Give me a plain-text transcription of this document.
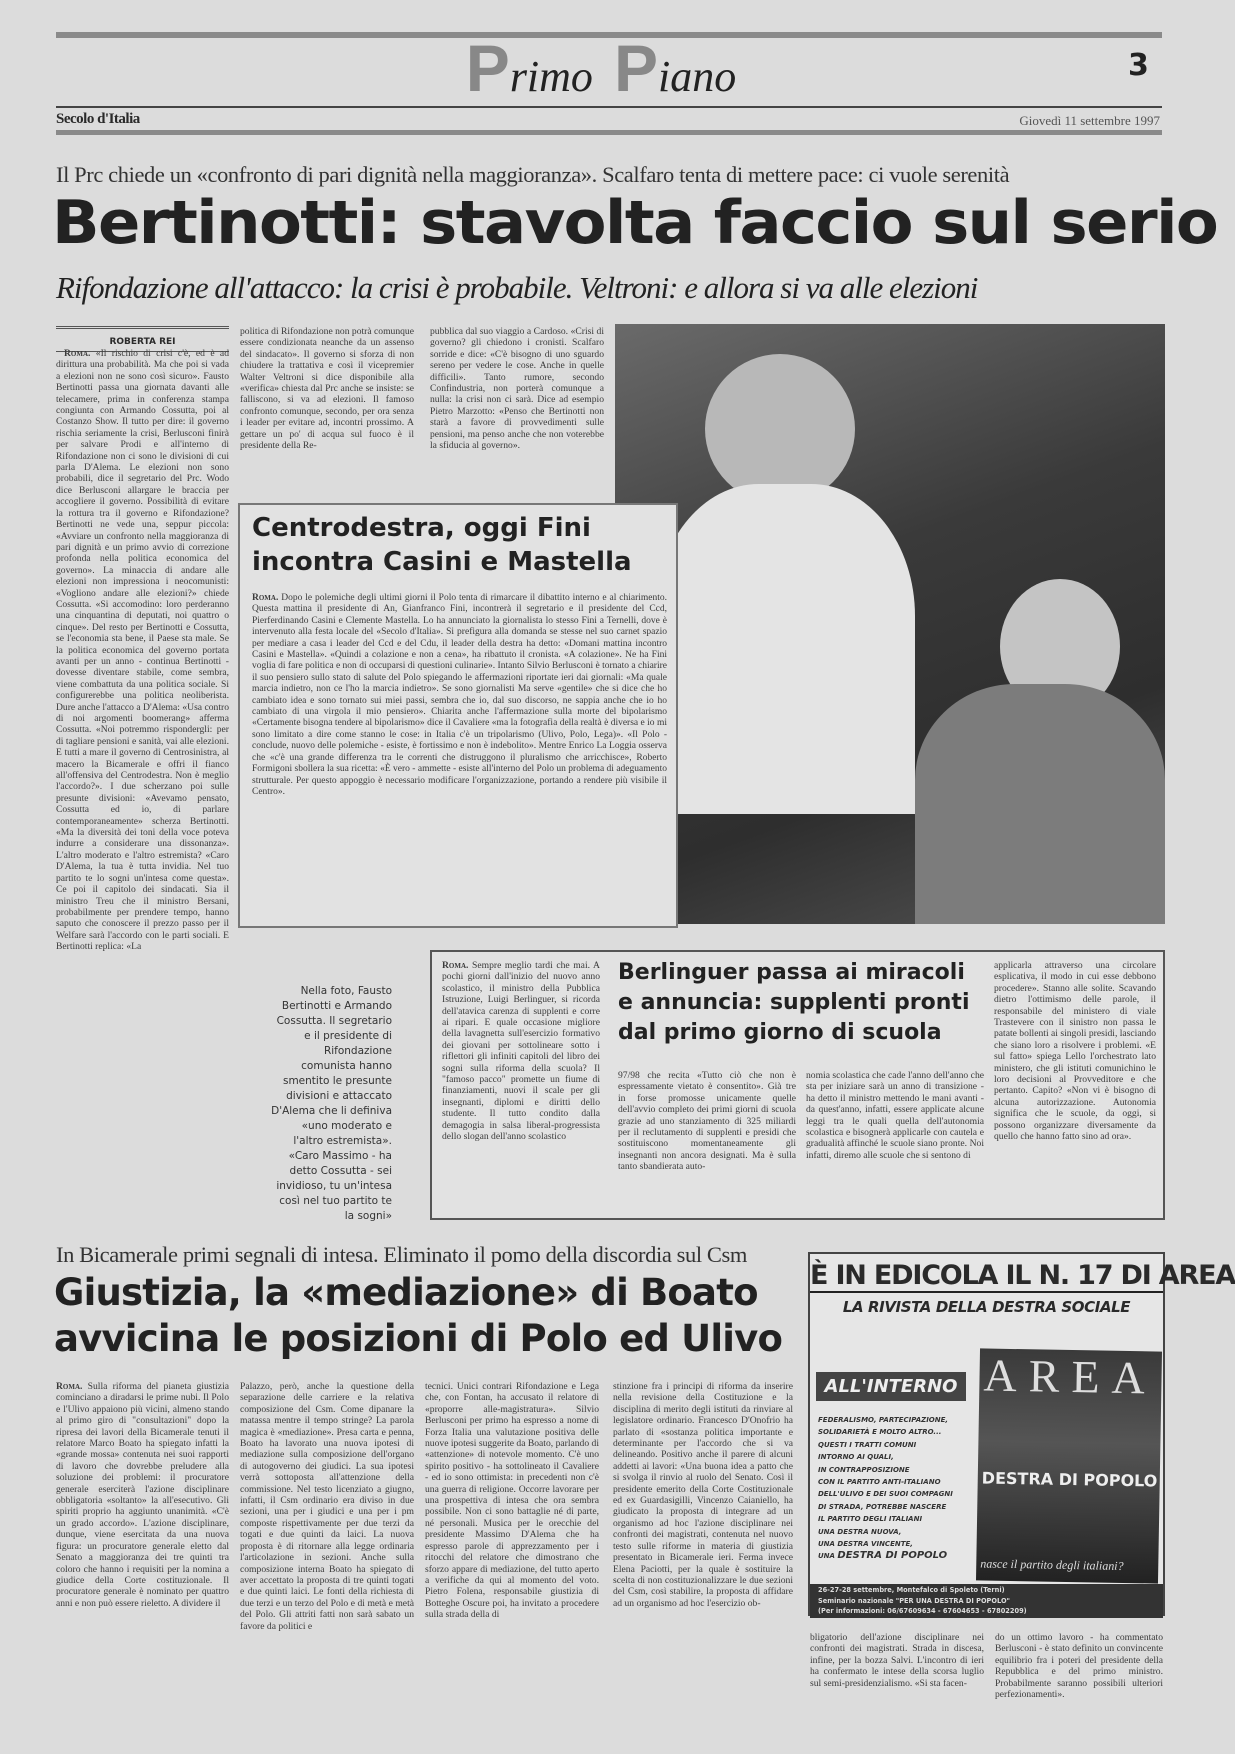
Primo Piano	3
Secolo d'Italia	Giovedì 11 settembre 1997
Il Prc chiede un «confronto di pari dignità nella maggioranza». Scalfaro tenta di mettere pace: ci vuole serenità
Bertinotti: stavolta faccio sul serio
Rifondazione all'attacco: la crisi è probabile. Veltroni: e allora si va alle elezioni
ROBERTA REI

Roma. «Il rischio di crisi c'è, ed è ad dirittura una probabilità. Ma che poi si vada a elezioni non ne sono così sicuro». Fausto Bertinotti passa una giornata davanti alle telecamere, prima in conferenza stampa congiunta con Armando Cossutta, poi al Costanzo Show. Il tutto per dire: il governo rischia seriamente la crisi, Berlusconi finirà per salvare Prodi e all'interno di Rifondazione non ci sono le divisioni di cui parla D'Alema. Le elezioni non sono probabili, dice il segretario del Prc. Wodo dice Berlusconi allargare le braccia per accogliere il governo. Possibilità di evitare la rottura tra il governo e Rifondazione? Bertinotti ne vede una, seppur piccola: «Avviare un confronto nella maggioranza di pari dignità e un primo avvio di correzione profonda nella politica economica del governo». La minaccia di andare alle elezioni non impressiona i neocomunisti: «Vogliono andare alle elezioni?» chiede Cossutta. «Si accomodino: loro perderanno una cinquantina di deputati, noi quattro o cinque». Del resto per Bertinotti e Cossutta, se l'economia sta bene, il Paese sta male. Se la politica economica del governo portata avanti per un anno - continua Bertinotti - dovesse diventare stabile, come sembra, viene combattuta da una politica sociale. Si configurerebbe una politica neoliberista. Dure anche l'attacco a D'Alema: «Usa contro di noi argomenti boomerang» afferma Cossutta. «Noi potremmo rispondergli: per di tagliare pensioni e sanità, vai alle elezioni. E tutti a mare il governo di Centrosinistra, al macero la Bicamerale e offri il fianco all'offensiva del Centrodestra. Non è meglio l'accordo?». I due scherzano poi sulle presunte divisioni: «Avevamo pensato, Cossutta ed io, di parlare contemporaneamente» scherza Bertinotti. «Ma la diversità dei toni della voce poteva indurre a considerare una dissonanza». L'altro moderato e l'altro estremista? «Caro D'Alema, la tua è tutta invidia. Nel tuo partito te lo sogni un'intesa come questa». Ce poi il capitolo dei sindacati. Sia il ministro Treu che il ministro Bersani, probabilmente per prendere tempo, hanno saputo che conoscere il prezzo passo per il Welfare sarà l'accordo con le parti sociali. E Bertinotti replica: «La

politica di Rifondazione non potrà comunque essere condizionata neanche da un assenso del sindacato». Il governo si sforza di non chiudere la trattativa e così il vicepremier Walter Veltroni si dice disponibile alla «verifica» chiesta dal Prc anche se insiste: se falliscono, si va ad elezioni. Il famoso confronto comunque, secondo, per ora senza i leader per evitare ad, incontri prossimo. A gettare un po' di acqua sul fuoco è il presidente della Re-
pubblica dal suo viaggio a Cardoso. «Crisi di governo? gli chiedono i cronisti. Scalfaro sorride e dice: «C'è bisogno di uno sguardo sereno per vedere le cose. Anche in quelle difficili». Tanto rumore, secondo Confindustria, non porterà comunque a nulla: la crisi non ci sarà. Dice ad esempio Pietro Marzotto: «Penso che Bertinotti non starà a favore di provvedimenti sulle pensioni, ma penso anche che non voterebbe la sfiducia al governo».
Centrodestra, oggi Fini
incontra Casini e Mastella
Roma. Dopo le polemiche degli ultimi giorni il Polo tenta di rimarcare il dibattito interno e al chiarimento. Questa mattina il presidente di An, Gianfranco Fini, incontrerà il segretario e il presidente del Ccd, Pierferdinando Casini e Clemente Mastella. Lo ha annunciato la giornalista lo stesso Fini a Ternelli, dove è intervenuto alla festa locale del «Secolo d'Italia». Si prefigura alla domanda se stesse nel suo carnet spazio per mediare a casa i leader del Ccd e del Cdu, il leader della destra ha detto: «Domani mattina incontro Casini e Mastella». «Quindi a colazione e non a cena», ha ribattuto il cronista. «A colazione». Ne ha Fini voglia di fare politica e non di occuparsi di questioni culinarie». Intanto Silvio Berlusconi è tornato a chiarire il suo pensiero sullo stato di salute del Polo spiegando le affermazioni riportate ieri dai giornali: «Ma quale marcia indietro, non ce l'ho la marcia indietro». Se sono giornalisti Ma serve «gentile» che si dice che ho cambiato idea e sono tornato sui miei passi, sembra che io, dal suo discorso, ne sappia anche che io ho cambiato di una virgola il mio pensiero». Chiarita anche l'affermazione sulla morte del bipolarismo «Certamente bisogna tendere al bipolarismo» dice il Cavaliere «ma la fotografia della realtà è diversa e io mi sono limitato a dire come stanno le cose: in Italia c'è un tripolarismo (Ulivo, Polo, Lega)». «Il Polo - conclude, nuovo delle polemiche - esiste, è fortissimo e non è indebolito». Mentre Enrico La Loggia osserva che «c'è una grande differenza tra le correnti che distruggono il pluralismo che arricchisce», Roberto Formigoni sbollera la sua ricetta: «È vero - ammette - esiste all'interno del Polo un problema di adeguamento strutturale. Per questo appoggio è necessario modificare l'organizzazione, portando a rendere più visibile il Centro».
Nella foto, Fausto Bertinotti e Armando Cossutta. Il segretario e il presidente di Rifondazione comunista hanno smentito le presunte divisioni e attaccato D'Alema che li definiva «uno moderato e l'altro estremista». «Caro Massimo - ha detto Cossutta - sei invidioso, tu un'intesa così nel tuo partito te la sogni»
Roma. Sempre meglio tardi che mai. A pochi giorni dall'inizio del nuovo anno scolastico, il ministro della Pubblica Istruzione, Luigi Berlinguer, si ricorda dell'atavica carenza di supplenti e corre ai ripari. E quale occasione migliore della lavagnetta sull'esercizio formativo dei giovani per sottolineare sotto i riflettori gli infiniti capitoli del libro dei sogni sulla riforma della scuola? Il "famoso pacco" promette un fiume di finanziamenti, nuovi il scale per gli insegnanti, diplomi e diritti dello studente. Il tutto condito dalla demagogia in salsa liberal-progressista dello slogan dell'anno scolastico
Berlinguer passa ai miracoli
e annuncia: supplenti pronti
dal primo giorno di scuola
97/98 che recita «Tutto ciò che non è espressamente vietato è consentito». Già tre in forse promosse unicamente quelle dell'avvio completo dei primi giorni di scuola grazie ad uno stanziamento di 325 miliardi per il reclutamento di supplenti e presidi che sostituiscono momentaneamente gli insegnanti non ancora designati. Ma è sulla tanto sbandierata auto-
nomia scolastica che cade l'anno dell'anno che sta per iniziare sarà un anno di transizione - ha detto il ministro mettendo le mani avanti - da quest'anno, infatti, essere applicate alcune leggi tra le quali quella dell'autonomia scolastica e bisognerà applicarle con cautela e gradualità affinché le scuole siano pronte. Noi infatti, diremo alle scuole che si sentono di
applicarla attraverso una circolare esplicativa, il modo in cui esse debbono procedere». Stanno alle solite. Scavando dietro l'ottimismo delle parole, il responsabile del ministero di viale Trastevere con il sinistro non passa le patate bollenti ai singoli presidi, lasciando che siano loro a risolvere i problemi. «E sul fatto» spiega Lello l'orchestrato lato ministero, che gli istituti comunichino le loro decisioni al Provveditore e che pertanto. Capito? «Non vi è bisogno di alcuna autorizzazione. Autonomia significa che le scuole, da oggi, si possono organizzare diversamente da quello che hanno fatto sino ad ora».
In Bicamerale primi segnali di intesa. Eliminato il pomo della discordia sul Csm
Giustizia, la «mediazione» di Boato
avvicina le posizioni di Polo ed Ulivo
Roma. Sulla riforma del pianeta giustizia cominciano a diradarsi le prime nubi. Il Polo e l'Ulivo appaiono più vicini, almeno stando al primo giro di "consultazioni" dopo la ripresa dei lavori della Bicamerale tenuti il relatore Marco Boato ha spiegato infatti la «grande mossa» contenuta nei suoi rapporti di lavoro che dovrebbe preludere alla soluzione dei problemi: il procuratore generale eserciterà l'azione disciplinare obbligatoria «soltanto» la all'esecutivo. Gli spiriti proprio ha aggiunto unanimità. «C'è un grado accordo». L'azione disciplinare, dunque, viene esercitata da una nuova figura: un procuratore generale eletto dal Senato a maggioranza dei tre quinti tra coloro che hanno i requisiti per la nomina a giudice della Corte costituzionale. Il procuratore generale è nominato per quattro anni e non può essere rieletto. A dividere il
Palazzo, però, anche la questione della separazione delle carriere e la relativa composizione del Csm. Come dipanare la matassa mentre il tempo stringe? La parola magica è «mediazione». Presa carta e penna, Boato ha lavorato una nuova ipotesi di mediazione sulla composizione dell'organo di autogoverno dei giudici. La sua ipotesi verrà sottoposta all'attenzione della commissione. Nel testo licenziato a giugno, infatti, il Csm ordinario era diviso in due sezioni, una per i giudici e una per i pm composte rispettivamente per due terzi da togati e due quinti da laici. La nuova proposta è di ritornare alla legge ordinaria l'articolazione in sezioni. Anche sulla composizione interna Boato ha spiegato di aver accettato la proposta di tre quinti togati e due quinti laici. Le fonti della richiesta di due terzi e un terzo del Polo e di metà e metà del Polo. Gli attriti fatti non sarà sabato un favore da politici e
tecnici. Unici contrari Rifondazione e Lega che, con Fontan, ha accusato il relatore di «proporre alle-magistratura». Silvio Berlusconi per primo ha espresso a nome di Forza Italia una valutazione positiva delle nuove ipotesi suggerite da Boato, parlando di «attenzione» di notevole momento. C'è uno spirito positivo - ha sottolineato il Cavaliere - ed io sono ottimista: in precedenti non c'è una guerra di religione. Occorre lavorare per una prospettiva di intesa che ora sembra possibile. Non ci sono battaglie né di parte, né personali. Musica per le orecchie del presidente Massimo D'Alema che ha espresso parole di apprezzamento per i ritocchi del relatore che dimostrano che sforzo appare di mediazione, del tutto aperto a verifiche da qui al momento del voto. Pietro Folena, responsabile giustizia di Botteghe Oscure poi, ha invitato a procedere sulla strada della di
stinzione fra i principi di riforma da inserire nella revisione della Costituzione e la disciplina di merito degli istituti da rinviare al legislatore ordinario. Francesco D'Onofrio ha parlato di «sostanza politica importante e determinante per l'accordo che si va delineando. Positivo anche il parere di alcuni addetti ai lavori: «Una buona idea a patto che si svolga il rinvio al ruolo del Senato. Così il presidente emerito della Corte Costituzionale ed ex Guardasigilli, Vincenzo Caianiello, ha giudicato la proposta di integrare ad un organismo ad hoc l'azione disciplinare nei confronti dei magistrati, contenuta nel nuovo testo sulle riforme in materia di giustizia presentato in Bicamerale ieri. Ferma invece Elena Paciotti, per la quale è sostituire la scelta di non costituzionalizzare le due sezioni del Csm, così stabilire, la proposta di affidare ad un organismo ad hoc l'esercizio ob-
bligatorio dell'azione disciplinare nei confronti dei magistrati. Strada in discesa, infine, per la bozza Salvi. L'incontro di ieri ha confermato le intese della scorsa luglio sul semi-presidenzialismo. «Si sta facen-
do un ottimo lavoro - ha commentato Berlusconi - è stato definito un convincente equilibrio fra i poteri del presidente della Repubblica e del primo ministro. Probabilmente saranno possibili ulteriori perfezionamenti».
È IN EDICOLA IL N. 17 DI AREA
LA RIVISTA DELLA DESTRA SOCIALE
ALL'INTERNO
FEDERALISMO, PARTECIPAZIONE,
SOLIDARIETÀ E MOLTO ALTRO...
QUESTI I TRATTI COMUNI
INTORNO AI QUALI,
IN CONTRAPPOSIZIONE
CON IL PARTITO ANTI-ITALIANO
DELL'ULIVO E DEI SUOI COMPAGNI
DI STRADA, POTREBBE NASCERE
IL PARTITO DEGLI ITALIANI
UNA DESTRA NUOVA,
UNA DESTRA VINCENTE,
UNA DESTRA DI POPOLO
AREA
DESTRA DI POPOLO
nasce il partito degli italiani?
26-27-28 settembre, Montefalco di Spoleto (Terni)
Seminario nazionale "PER UNA DESTRA DI POPOLO"
(Per informazioni: 06/67609634 - 67604653 - 67802209)
